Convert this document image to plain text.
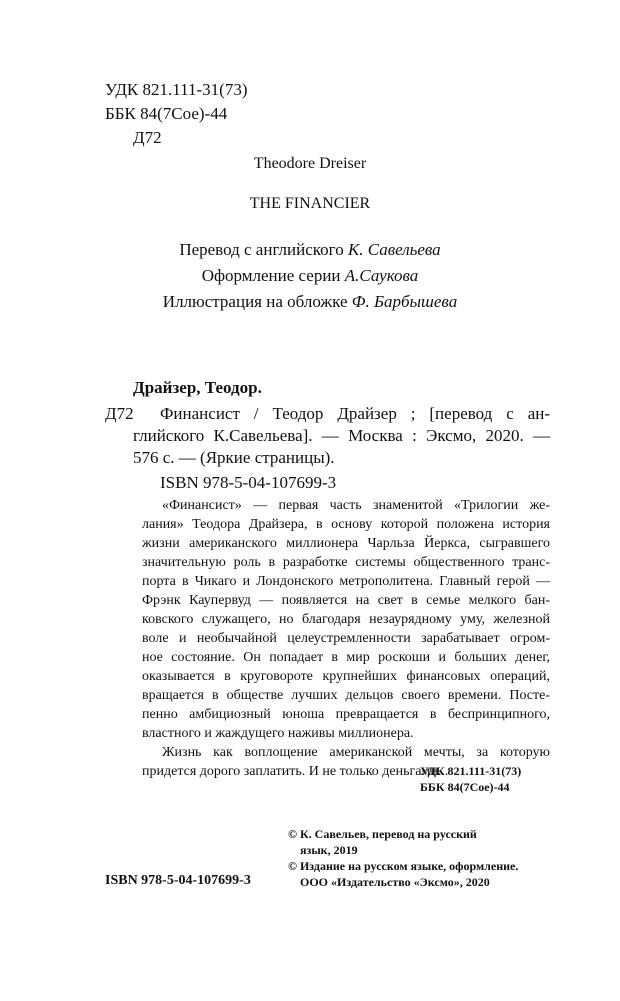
УДК 821.111-31(73)
ББК 84(7Сое)-44
Д72
Theodore Dreiser
THE FINANCIER
Перевод с английского К. Савельева
Оформление серии А.Саукова
Иллюстрация на обложке Ф. Барбышева
Драйзер, Теодор.
Д72 Финансист / Теодор Драйзер ; [перевод с ан-
глийского К.Савельева]. — Москва : Эксмо, 2020. —
576 с. — (Яркие страницы).
ISBN 978-5-04-107699-3
«Финансист» — первая часть знаменитой «Трилогии же-
лания» Теодора Драйзера, в основу которой положена история
жизни американского миллионера Чарльза Йеркса, сыгравшего
значительную роль в разработке системы общественного транс-
порта в Чикаго и Лондонского метрополитена. Главный герой —
Фрэнк Каупервуд — появляется на свет в семье мелкого бан-
ковского служащего, но благодаря незаурядному уму, железной
воле и необычайной целеустремленности зарабатывает огром-
ное состояние. Он попадает в мир роскоши и больших денег,
оказывается в круговороте крупнейших финансовых операций,
вращается в обществе лучших дельцов своего времени. Посте-
пенно амбициозный юноша превращается в беспринципного,
властного и жаждущего наживы миллионера.
Жизнь как воплощение американской мечты, за которую
придется дорого заплатить. И не только деньгами...
УДК 821.111-31(73)
ББК 84(7Сое)-44
© К. Савельев, перевод на русский
язык, 2019
© Издание на русском языке, оформление.
ООО «Издательство «Эксмо», 2020
ISBN 978-5-04-107699-3
